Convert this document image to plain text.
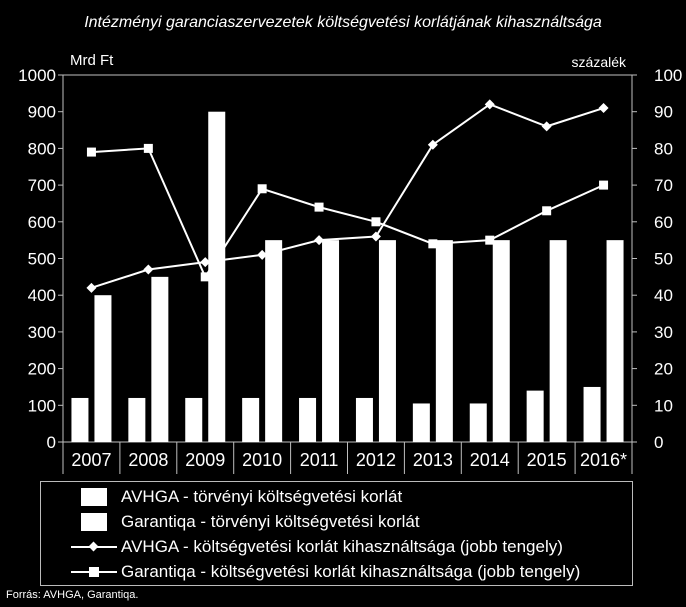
Intézményi garanciaszervezetek költségvetési korlátjának kihasználtsága
Mrd Ft	százalék
0
100
200
300
400
500
600
700
800
900
1000
0
10
20
30
40
50
60
70
80
90
100
2007 2008 2009 2010 2011 2012 2013 2014 2015 2016*
AVHGA - törvényi költségvetési korlát
Garantiqa - törvényi költségvetési korlát
AVHGA - költségvetési korlát kihasználtsága (jobb tengely)
Garantiqa - költségvetési korlát kihasználtsága (jobb tengely)
Forrás: AVHGA, Garantiqa.
